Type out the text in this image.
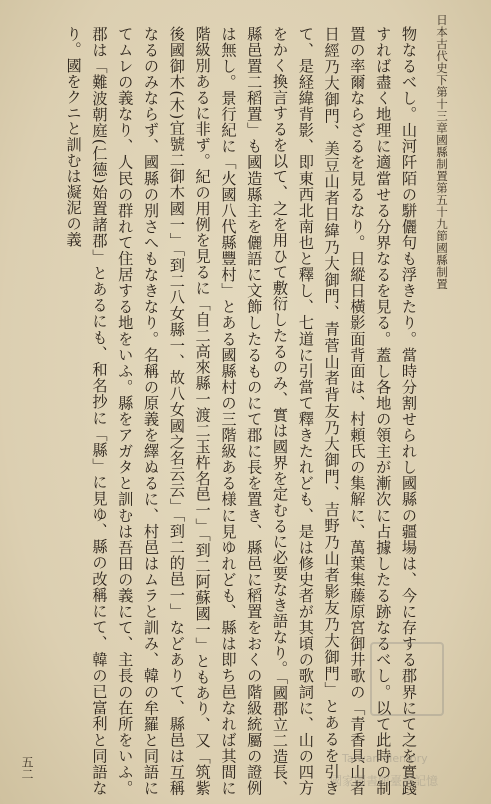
日本古代史下第十三章國縣制置第五十九節國縣制置
五二	物なるべし。山河阡陌の駢儷句も浮きたり。當時分割せられし國縣の疆場は、今に存する郡界にて之を實踐すれば盡く地理に適當せる分界なるを見る。蓋し各地の領主が漸次に占據したる跡なるべし。以て此時の制置の率爾ならざるを見るなり。日縱日橫影面背面は、村頼氏の集解に、萬葉集藤原宮御井歌の「青香具山者日經乃大御門、美豆山者日緯乃大御門、青菅山者背友乃大御門、吉野乃山者影友乃大御門」とあるを引きて、是経緯背影、即東西北南也と釋し、七道に引當て釋きたれども、是は修史者が其頃の歌詞に、山の四方をかく換言するを以て、之を用ひて敷衍したるのみ、實は國界を定むるに必要なき語なり。「國郡立二造長、縣邑置二稻置」も國造縣主を儷語に文飾したるものにて郡に長を置き、縣邑に稻置をおくの階級統屬の證例は無し。景行紀に「火國八代縣豐村」とある國縣村の三階級ある様に見ゆれども、縣は即ち邑なれば其間に階級別あるに非ず。紀の用例を見るに「自二高來縣一渡二玉杵名邑一」「到二阿蘇國一」ともあり、又「筑紫後國御木(木)宜號二御木國一」「到二八女縣一、故八女國之名云云」「到二的邑一」などありて、縣邑は互稱なるのみならず、國縣の別さへもなきなり。名稱の原義を繹ぬるに、村邑はムラと訓み、韓の牟羅と同語にてムレの義なり、人民の群れて住居する地をいふ。縣をアガタと訓むは吾田の義にて、主長の在所をいふ。郡は「難波朝庭(仁德)始置諸郡」とあるにも、和名抄に「縣」に見ゆ、縣の改稱にて、韓の已富利と同語なり。國をクニと訓むは凝泥の義

Taiwan Memory
國家圖書館臺灣記憶
